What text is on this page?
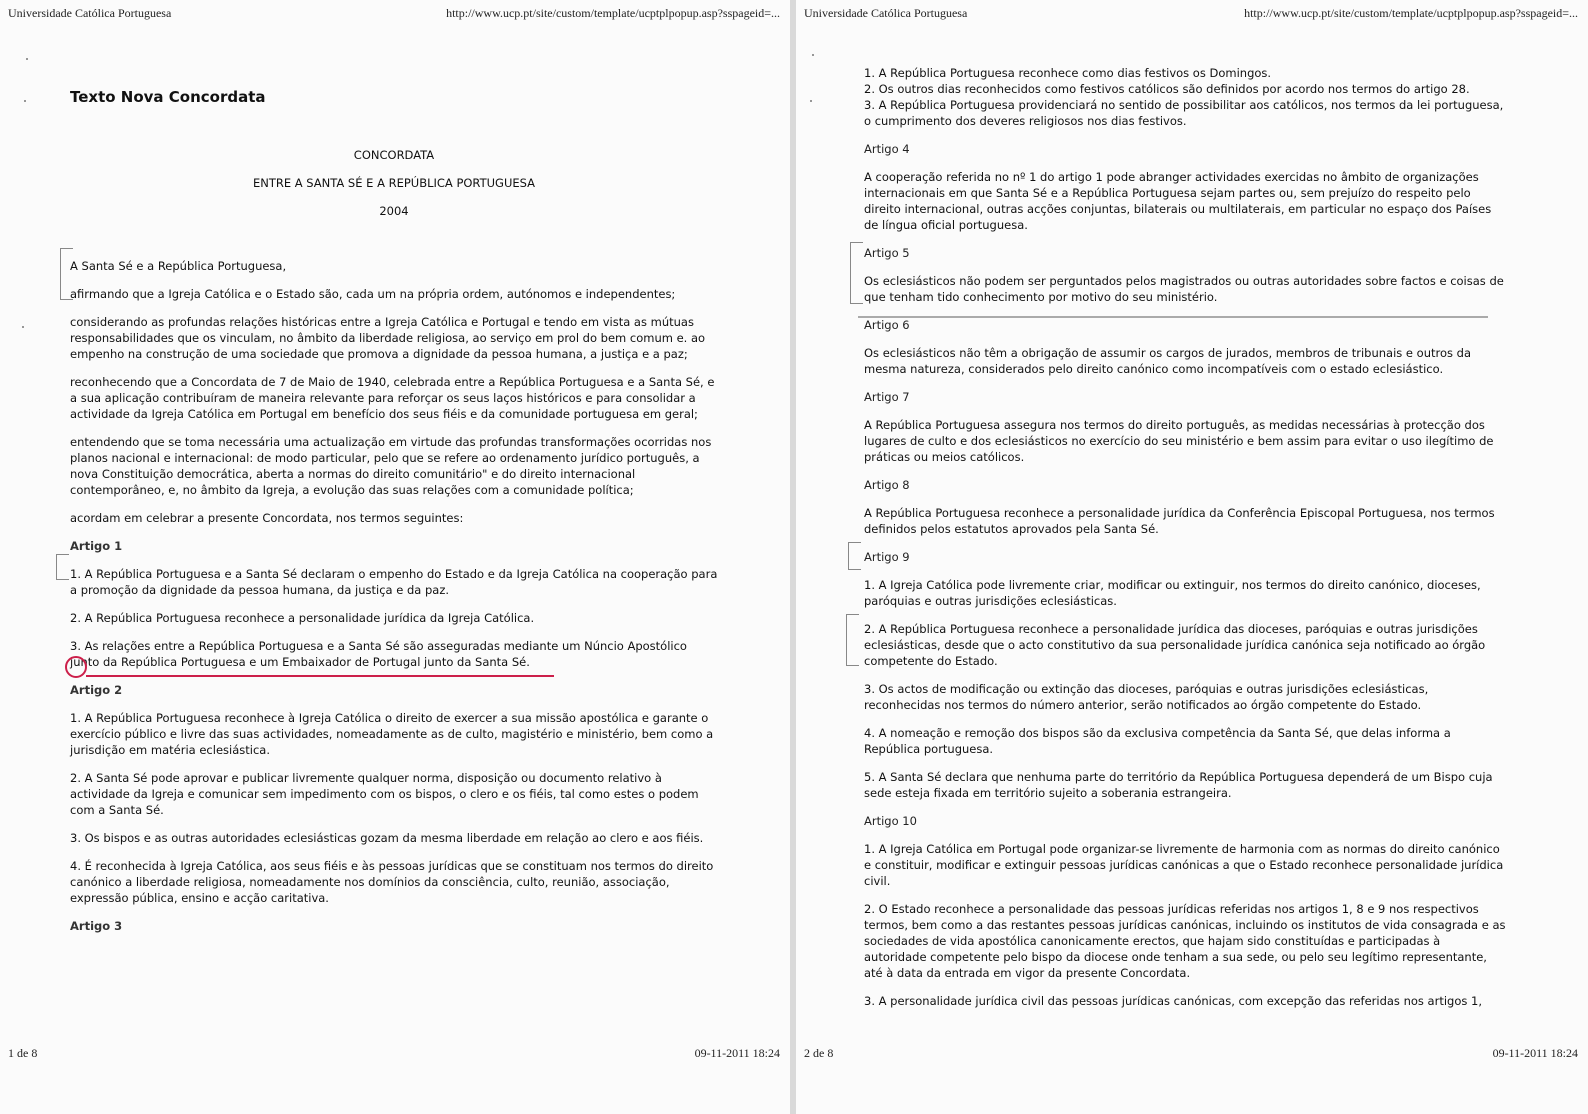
Universidade Católica Portuguesa	http://www.ucp.pt/site/custom/template/ucptplpopup.asp?sspageid=...
Texto Nova Concordata
CONCORDATA
ENTRE A SANTA SÉ E A REPÚBLICA PORTUGUESA
2004

A Santa Sé e a República Portuguesa,

afirmando que a Igreja Católica e o Estado são, cada um na própria ordem, autónomos e independentes;

considerando as profundas relações históricas entre a Igreja Católica e Portugal e tendo em vista as mútuas responsabilidades que os vinculam, no âmbito da liberdade religiosa, ao serviço em prol do bem comum e. ao empenho na construção de uma sociedade que promova a dignidade da pessoa humana, a justiça e a paz;

reconhecendo que a Concordata de 7 de Maio de 1940, celebrada entre a República Portuguesa e a Santa Sé, e a sua aplicação contribuíram de maneira relevante para reforçar os seus laços históricos e para consolidar a actividade da Igreja Católica em Portugal em benefício dos seus fiéis e da comunidade portuguesa em geral;

entendendo que se toma necessária uma actualização em virtude das profundas transformações ocorridas nos planos nacional e internacional: de modo particular, pelo que se refere ao ordenamento jurídico português, a nova Constituição democrática, aberta a normas do direito comunitário" e do direito internacional contemporâneo, e, no âmbito da Igreja, a evolução das suas relações com a comunidade política;

acordam em celebrar a presente Concordata, nos termos seguintes:

Artigo 1

1. A República Portuguesa e a Santa Sé declaram o empenho do Estado e da Igreja Católica na cooperação para a promoção da dignidade da pessoa humana, da justiça e da paz.

2. A República Portuguesa reconhece a personalidade jurídica da Igreja Católica.

3. As relações entre a República Portuguesa e a Santa Sé são asseguradas mediante um Núncio Apostólico junto da República Portuguesa e um Embaixador de Portugal junto da Santa Sé.

Artigo 2

1. A República Portuguesa reconhece à Igreja Católica o direito de exercer a sua missão apostólica e garante o exercício público e livre das suas actividades, nomeadamente as de culto, magistério e ministério, bem como a jurisdição em matéria eclesiástica.

2. A Santa Sé pode aprovar e publicar livremente qualquer norma, disposição ou documento relativo à actividade da Igreja e comunicar sem impedimento com os bispos, o clero e os fiéis, tal como estes o podem com a Santa Sé.

3. Os bispos e as outras autoridades eclesiásticas gozam da mesma liberdade em relação ao clero e aos fiéis.

4. É reconhecida à Igreja Católica, aos seus fiéis e às pessoas jurídicas que se constituam nos termos do direito canónico a liberdade religiosa, nomeadamente nos domínios da consciência, culto, reunião, associação, expressão pública, ensino e acção caritativa.

Artigo 3

1 de 8	09-11-2011 18:24
Universidade Católica Portuguesa	http://www.ucp.pt/site/custom/template/ucptplpopup.asp?sspageid=...

1. A República Portuguesa reconhece como dias festivos os Domingos.

2. Os outros dias reconhecidos como festivos católicos são definidos por acordo nos termos do artigo 28.

3. A República Portuguesa providenciará no sentido de possibilitar aos católicos, nos termos da lei portuguesa, o cumprimento dos deveres religiosos nos dias festivos.

Artigo 4

A cooperação referida no nº 1 do artigo 1 pode abranger actividades exercidas no âmbito de organizações internacionais em que Santa Sé e a República Portuguesa sejam partes ou, sem prejuízo do respeito pelo direito internacional, outras acções conjuntas, bilaterais ou multilaterais, em particular no espaço dos Países de língua oficial portuguesa.

Artigo 5

Os eclesiásticos não podem ser perguntados pelos magistrados ou outras autoridades sobre factos e coisas de que tenham tido conhecimento por motivo do seu ministério.

Artigo 6

Os eclesiásticos não têm a obrigação de assumir os cargos de jurados, membros de tribunais e outros da mesma natureza, considerados pelo direito canónico como incompatíveis com o estado eclesiástico.

Artigo 7

A República Portuguesa assegura nos termos do direito português, as medidas necessárias à protecção dos lugares de culto e dos eclesiásticos no exercício do seu ministério e bem assim para evitar o uso ilegítimo de práticas ou meios católicos.

Artigo 8

A República Portuguesa reconhece a personalidade jurídica da Conferência Episcopal Portuguesa, nos termos definidos pelos estatutos aprovados pela Santa Sé.

Artigo 9

1. A Igreja Católica pode livremente criar, modificar ou extinguir, nos termos do direito canónico, dioceses, paróquias e outras jurisdições eclesiásticas.

2. A República Portuguesa reconhece a personalidade jurídica das dioceses, paróquias e outras jurisdições eclesiásticas, desde que o acto constitutivo da sua personalidade jurídica canónica seja notificado ao órgão competente do Estado.

3. Os actos de modificação ou extinção das dioceses, paróquias e outras jurisdições eclesiásticas, reconhecidas nos termos do número anterior, serão notificados ao órgão competente do Estado.

4. A nomeação e remoção dos bispos são da exclusiva competência da Santa Sé, que delas informa a República portuguesa.

5. A Santa Sé declara que nenhuma parte do território da República Portuguesa dependerá de um Bispo cuja sede esteja fixada em território sujeito a soberania estrangeira.

Artigo 10

1. A Igreja Católica em Portugal pode organizar-se livremente de harmonia com as normas do direito canónico e constituir, modificar e extinguir pessoas jurídicas canónicas a que o Estado reconhece personalidade jurídica civil.

2. O Estado reconhece a personalidade das pessoas jurídicas referidas nos artigos 1, 8 e 9 nos respectivos termos, bem como a das restantes pessoas jurídicas canónicas, incluindo os institutos de vida consagrada e as sociedades de vida apostólica canonicamente erectos, que hajam sido constituídas e participadas à autoridade competente pelo bispo da diocese onde tenham a sua sede, ou pelo seu legítimo representante, até à data da entrada em vigor da presente Concordata.

3. A personalidade jurídica civil das pessoas jurídicas canónicas, com excepção das referidas nos artigos 1,

2 de 8	09-11-2011 18:24
